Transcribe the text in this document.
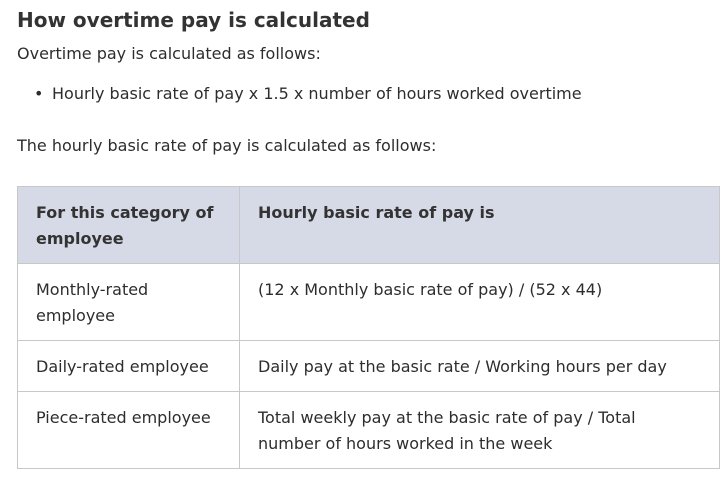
How overtime pay is calculated

Overtime pay is calculated as follows:

• Hourly basic rate of pay x 1.5 x number of hours worked overtime

The hourly basic rate of pay is calculated as follows:

For this category of employee	Hourly basic rate of pay is
Monthly-rated employee	(12 x Monthly basic rate of pay) / (52 x 44)
Daily-rated employee	Daily pay at the basic rate / Working hours per day
Piece-rated employee	Total weekly pay at the basic rate of pay / Total number of hours worked in the week
